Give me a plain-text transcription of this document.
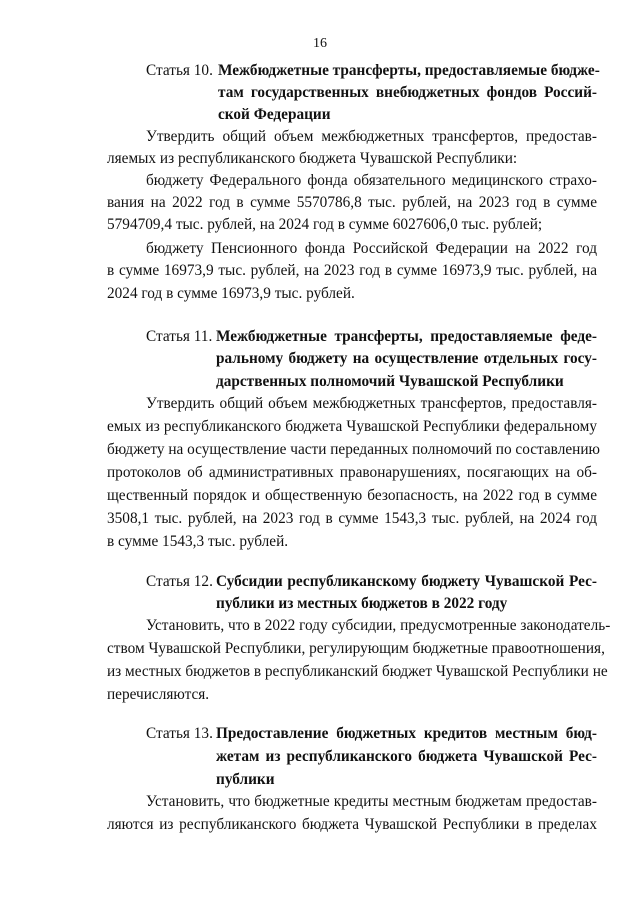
16
Статья 10. Межбюджетные трансферты, предоставляемые бюдже-
там государственных внебюджетных фондов Россий-
ской Федерации
Утвердить общий объем межбюджетных трансфертов, предостав-
ляемых из республиканского бюджета Чувашской Республики:
бюджету Федерального фонда обязательного медицинского страхо-
вания на 2022 год в сумме 5570786,8 тыс. рублей, на 2023 год в сумме
5794709,4 тыс. рублей, на 2024 год в сумме 6027606,0 тыс. рублей;
бюджету Пенсионного фонда Российской Федерации на 2022 год
в сумме 16973,9 тыс. рублей, на 2023 год в сумме 16973,9 тыс. рублей, на
2024 год в сумме 16973,9 тыс. рублей.
Статья 11. Межбюджетные трансферты, предоставляемые феде-
ральному бюджету на осуществление отдельных госу-
дарственных полномочий Чувашской Республики
Утвердить общий объем межбюджетных трансфертов, предоставля-
емых из республиканского бюджета Чувашской Республики федеральному
бюджету на осуществление части переданных полномочий по составлению
протоколов об административных правонарушениях, посягающих на об-
щественный порядок и общественную безопасность, на 2022 год в сумме
3508,1 тыс. рублей, на 2023 год в сумме 1543,3 тыс. рублей, на 2024 год
в сумме 1543,3 тыс. рублей.
Статья 12. Субсидии республиканскому бюджету Чувашской Рес-
публики из местных бюджетов в 2022 году
Установить, что в 2022 году субсидии, предусмотренные законодатель-
ством Чувашской Республики, регулирующим бюджетные правоотношения,
из местных бюджетов в республиканский бюджет Чувашской Республики не
перечисляются.
Статья 13. Предоставление бюджетных кредитов местным бюд-
жетам из республиканского бюджета Чувашской Рес-
публики
Установить, что бюджетные кредиты местным бюджетам предостав-
ляются из республиканского бюджета Чувашской Республики в пределах
